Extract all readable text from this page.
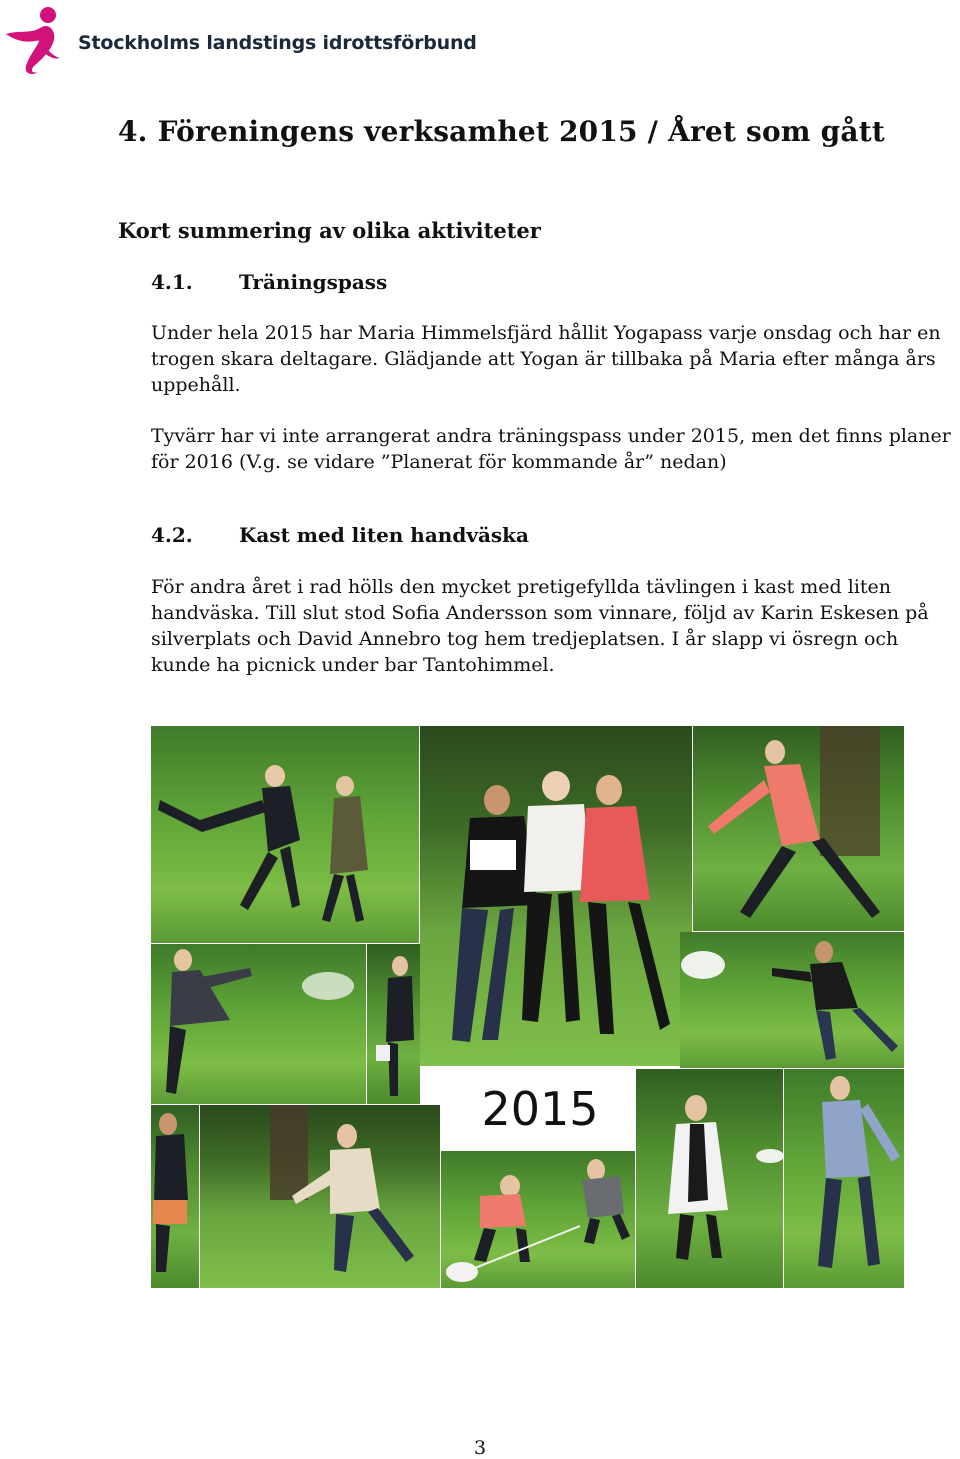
Stockholms landstings idrottsförbund
4. Föreningens verksamhet 2015 / Året som gått
Kort summering av olika aktiviteter
4.1. Träningspass

Under hela 2015 har Maria Himmelsfjärd hållit Yogapass varje onsdag och har en trogen skara deltagare. Glädjande att Yogan är tillbaka på Maria efter många års uppehåll.

Tyvärr har vi inte arrangerat andra träningspass under 2015, men det finns planer för 2016 (V.g. se vidare ”Planerat för kommande år” nedan)

4.2. Kast med liten handväska

För andra året i rad hölls den mycket pretigefyllda tävlingen i kast med liten handväska. Till slut stod Sofia Andersson som vinnare, följd av Karin Eskesen på silverplats och David Annebro tog hem tredjeplatsen. I år slapp vi ösregn och kunde ha picnick under bar Tantohimmel.

2015
3
